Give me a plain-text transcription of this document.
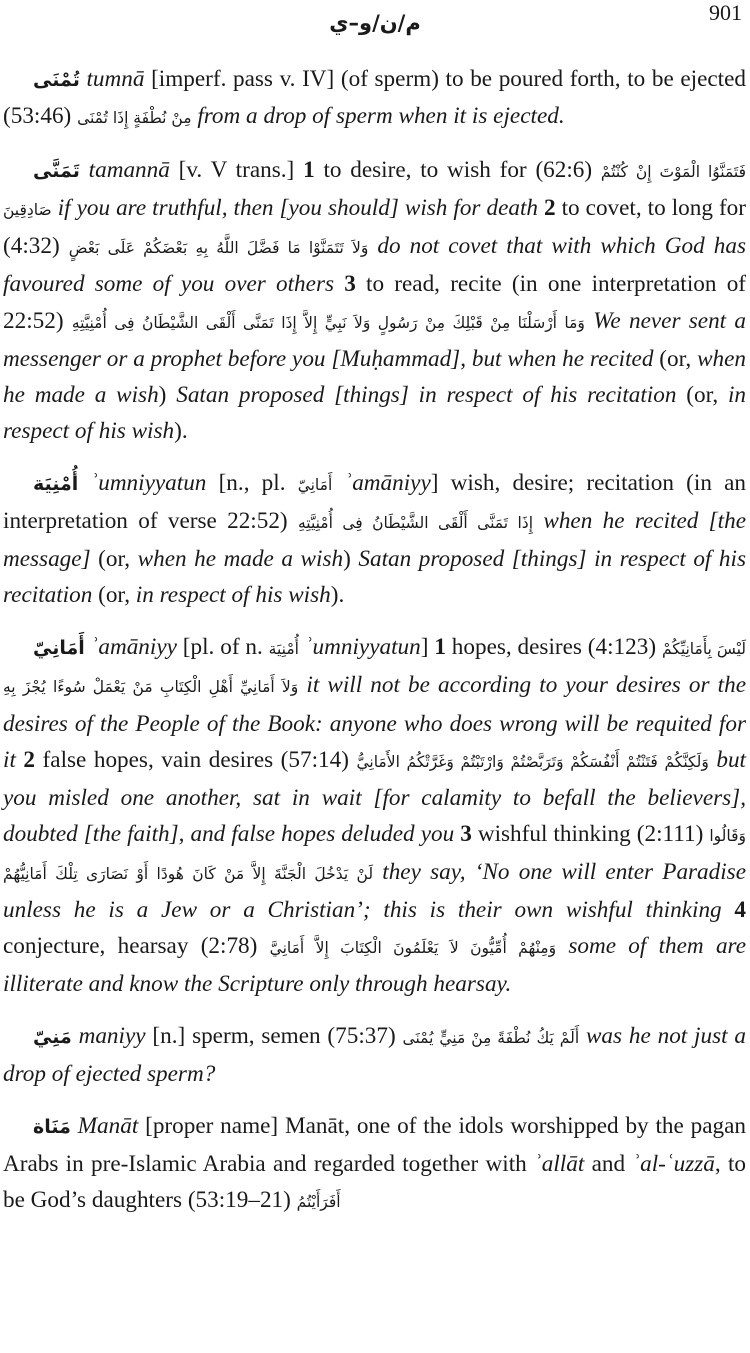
901
م/ن/و–ي

تُمْنَى tumnā [imperf. pass v. IV] (of sperm) to be poured forth, to be ejected (53:46) مِنْ نُطْفَةٍ إِذَا تُمْنَى from a drop of sperm when it is ejected.

تَمَنَّى tamannā [v. V trans.] 1 to desire, to wish for (62:6) فَتَمَنَّوُا الْمَوْتَ إِنْ كُنْتُمْ صَادِقِينَ if you are truthful, then [you should] wish for death 2 to covet, to long for (4:32) وَلاَ تَتَمَنَّوْا مَا فَضَّلَ اللَّهُ بِهِ بَعْضَكُمْ عَلَى بَعْضٍ do not covet that with which God has favoured some of you over others 3 to read, recite (in one interpretation of 22:52) وَمَا أَرْسَلْنَا مِنْ قَبْلِكَ مِنْ رَسُولٍ وَلاَ نَبِيٍّ إِلاَّ إِذَا تَمَنَّى أَلْقَى الشَّيْطَانُ فِى أُمْنِيَّتِهِ We never sent a messenger or a prophet before you [Muḥammad], but when he recited (or, when he made a wish) Satan proposed [things] in respect of his recitation (or, in respect of his wish).

أُمْنِيَة ʾumniyyatun [n., pl. أَمَانِيّ ʾamāniyy] wish, desire; recitation (in an interpretation of verse 22:52) إِذَا تَمَنَّى أَلْقَى الشَّيْطَانُ فِى أُمْنِيَّتِهِ when he recited [the message] (or, when he made a wish) Satan proposed [things] in respect of his recitation (or, in respect of his wish).

أَمَانِيّ ʾamāniyy [pl. of n. أُمْنِيَة ʾumniyyatun] 1 hopes, desires (4:123) لَيْسَ بِأَمَانِيِّكُمْ وَلاَ أَمَانِيِّ أَهْلِ الْكِتَابِ مَنْ يَعْمَلْ سُوءًا يُجْزَ بِهِ it will not be according to your desires or the desires of the People of the Book: anyone who does wrong will be requited for it 2 false hopes, vain desires (57:14) وَلَكِنَّكُمْ فَتَنْتُمْ أَنْفُسَكُمْ وَتَرَبَّصْتُمْ وَارْتَبْتُمْ وَغَرَّتْكُمُ الأَمَانِيُّ but you misled one another, sat in wait [for calamity to befall the believers], doubted [the faith], and false hopes deluded you 3 wishful thinking (2:111) وَقَالُوا لَنْ يَدْخُلَ الْجَنَّةَ إِلاَّ مَنْ كَانَ هُودًا أَوْ نَصَارَى تِلْكَ أَمَانِيُّهُمْ they say, ‘No one will enter Paradise unless he is a Jew or a Christian’; this is their own wishful thinking 4 conjecture, hearsay (2:78) وَمِنْهُمْ أُمِّيُّونَ لاَ يَعْلَمُونَ الْكِتَابَ إِلاَّ أَمَانِيَّ some of them are illiterate and know the Scripture only through hearsay.

مَنِيّ maniyy [n.] sperm, semen (75:37) أَلَمْ يَكُ نُطْفَةً مِنْ مَنِيٍّ يُمْنَى was he not just a drop of ejected sperm?

مَنَاة Manāt [proper name] Manāt, one of the idols worshipped by the pagan Arabs in pre-Islamic Arabia and regarded together with ʾallāt and ʾal-ʿuzzā, to be God’s daughters (53:19–21) أَفَرَأَيْتُمُ
